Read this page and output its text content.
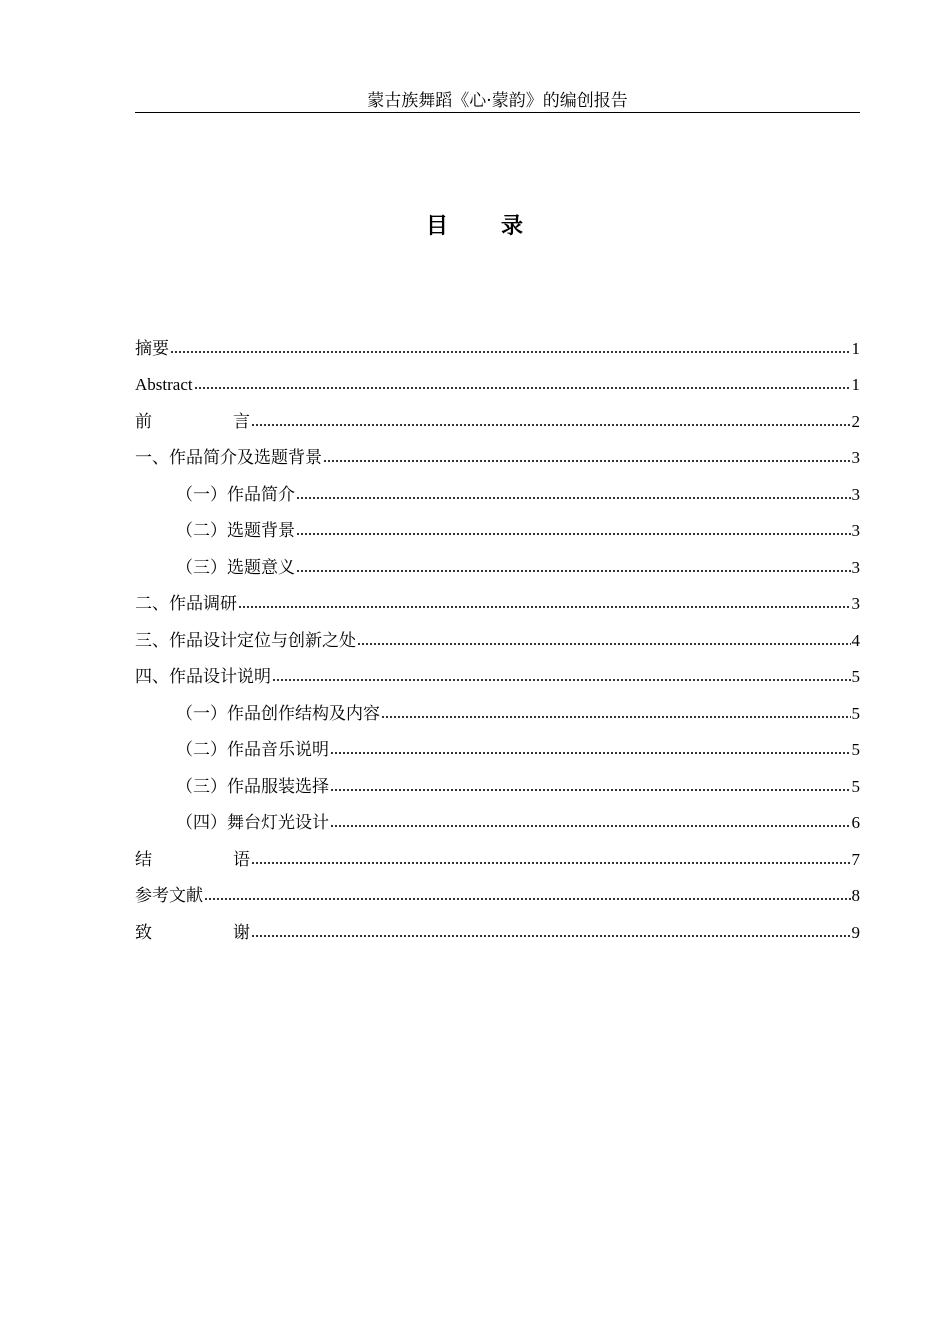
蒙古族舞蹈《心·蒙韵》的编创报告
目 录
摘要	1
Abstract	1
前	言	2
一、作品简介及选题背景	3
（一）作品简介	3
（二）选题背景	3
（三）选题意义	3
二、作品调研	3
三、作品设计定位与创新之处	4
四、作品设计说明	5
（一）作品创作结构及内容	5
（二）作品音乐说明	5
（三）作品服装选择	5
（四）舞台灯光设计	6
结	语	7
参考文献	8
致	谢	9
